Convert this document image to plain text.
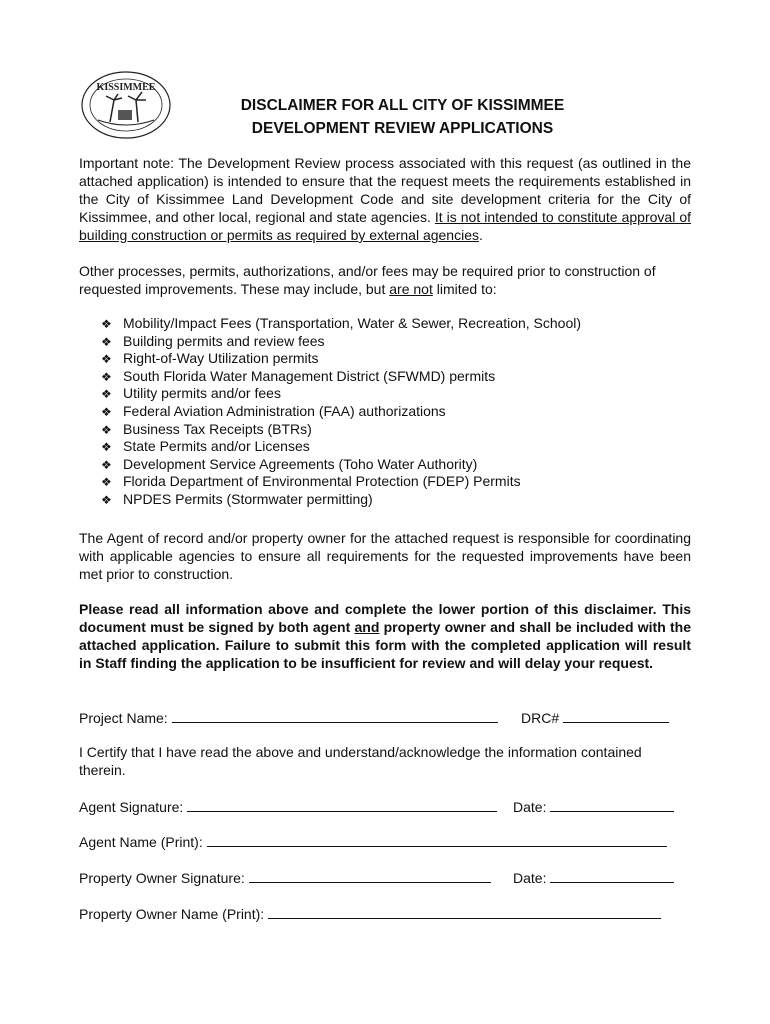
KISSIMMEE
DISCLAIMER FOR ALL CITY OF KISSIMMEE
DEVELOPMENT REVIEW APPLICATIONS
Important note: The Development Review process associated with this request (as outlined in the attached application) is intended to ensure that the request meets the requirements established in the City of Kissimmee Land Development Code and site development criteria for the City of Kissimmee, and other local, regional and state agencies. It is not intended to constitute approval of building construction or permits as required by external agencies.
Other processes, permits, authorizations, and/or fees may be required prior to construction of requested improvements. These may include, but are not limited to:
❖ Mobility/Impact Fees (Transportation, Water & Sewer, Recreation, School)
❖ Building permits and review fees
❖ Right-of-Way Utilization permits
❖ South Florida Water Management District (SFWMD) permits
❖ Utility permits and/or fees
❖ Federal Aviation Administration (FAA) authorizations
❖ Business Tax Receipts (BTRs)
❖ State Permits and/or Licenses
❖ Development Service Agreements (Toho Water Authority)
❖ Florida Department of Environmental Protection (FDEP) Permits
❖ NPDES Permits (Stormwater permitting)
The Agent of record and/or property owner for the attached request is responsible for coordinating with applicable agencies to ensure all requirements for the requested improvements have been met prior to construction.
Please read all information above and complete the lower portion of this disclaimer. This document must be signed by both agent and property owner and shall be included with the attached application. Failure to submit this form with the completed application will result in Staff finding the application to be insufficient for review and will delay your request.
Project Name:	DRC#
I Certify that I have read the above and understand/acknowledge the information contained therein.
Agent Signature:	Date:
Agent Name (Print):
Property Owner Signature:	Date:
Property Owner Name (Print):
